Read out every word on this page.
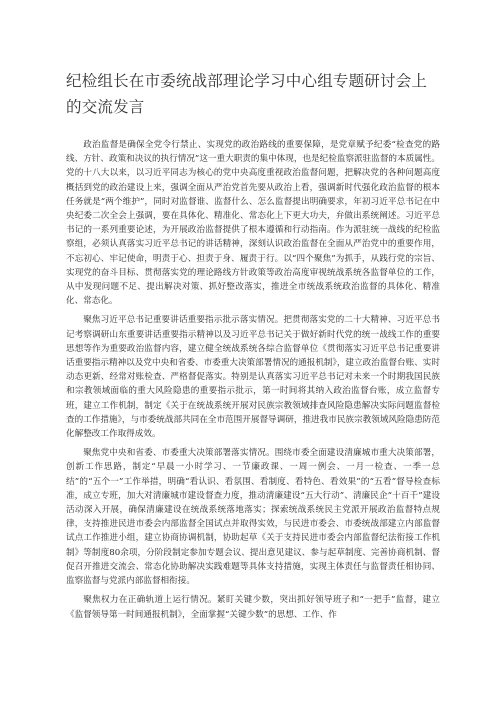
纪检组长在市委统战部理论学习中心组专题研讨会上的交流发言

政治监督是确保全党令行禁止、实现党的政治路线的重要保障，是党章赋予纪委“检查党的路线、方针、政策和决议的执行情况”这一重大职责的集中体现，也是纪检监察派驻监督的本质属性。党的十八大以来，以习近平同志为核心的党中央高度重视政治监督问题，把解决党的各种问题高度概括到党的政治建设上来，强调全面从严治党首先要从政治上看，强调新时代强化政治监督的根本任务就是“两个维护”，同时对监督谁、监督什么、怎么监督提出明确要求，年初习近平总书记在中央纪委二次全会上强调，要在具体化、精准化、常态化上下更大功夫，弁做出系统阐述。习近平总书记的一系列重要论述，为开展政治监督提供了根本遵循和行动指南。作为派驻统一战线的纪检监察组，必须认真落实习近平总书记的讲话精神，深刻认识政治监督在全面从严治党中的重要作用，不忘初心、牢记使命，明责于心、担责于身、履责于行。以“四个聚焦”为抓手，从践行党的宗旨、实现党的奋斗目标、贯彻落实党的理论路线方针政策等政治高度审视统战系统各监督单位的工作，从中发现问题不足、提出解决对策、抓好整改落实，推进全市统战系统政治监督的具体化、精准化、常态化。

聚焦习近平总书记重要讲话重要指示批示落实情况。把贯彻落实党的二十大精神、习近平总书记考察调研山东重要讲话重要指示精神以及习近平总书记关于做好新时代党的统一战线工作的重要思想等作为重要政治监督内容，建立健全统战系统各综合监督单位《贯彻落实习近平总书记重要讲话重要指示精神以及党中央和省委、市委重大决策部署情况的通报机制》，建立政治监督台账、实时动态更新、经常对账检查、严格督促落实。特别是认真落实习近平总书记对未来一个时期我国民族和宗教领域面临的重大风险隐患的重要指示批示，第一时间将其纳入政治监督台账，成立监督专班，建立工作机制，制定《关于在统战系统开展对民族宗教领域排查风险隐患解决实际问题监督检查的工作措施》，与市委统战部共同在全市范围开展督导调研，推进我市民族宗教领域风险隐患防范化解整改工作取得成效。

聚焦党中央和省委、市委重大决策部署落实情况。围绕市委全面建设清廉城市重大决策部署，创新工作思路，制定“早晨一小时学习、一节廉政课、一周一例会、一月一检查、一季一总结”的“五个一”工作举措，明确“看认识、看氛围、看制度、看特色、看效果”的“五看”督导检查标准，成立专班，加大对清廉城市建设督查力度，推动清廉建设“五大行动”、清廉民企“十百千”建设活动深入开展，确保清廉建设在统战系统落地落实；探索统战系统民主党派开展政治监督特点规律，支持推进民进市委会内部监督全国试点并取得实效，与民进市委会、市委统战部建立内部监督试点工作推进小组，建立协商协调机制，协助起草《关于支持民进市委会内部监督纪法衔接工作机制》等制度80余项，分阶段制定参加专题会议、提出意见建议、参与起草制度、完善协商机制、督促召开推进交流会、常态化协助解决实践难题等具体支持措施，实现主体责任与监督责任相协同、监察监督与党派内部监督相衔接。

聚焦权力在正确轨道上运行情况。紧盯关键少数，突出抓好领导班子和“一把手”监督，建立《监督领导第一时间通报机制》，全面掌握“关键少数”的思想、工作、作
